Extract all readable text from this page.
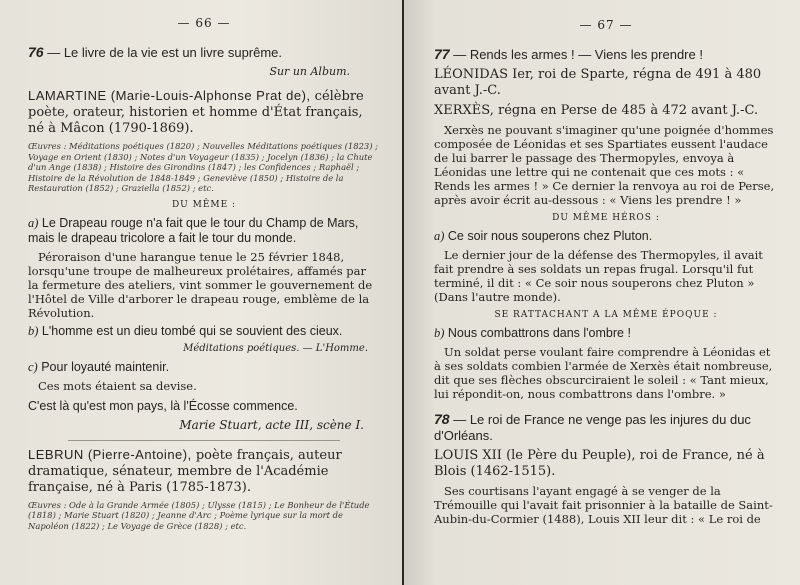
— 66 —
76 — Le livre de la vie est un livre suprême.
Sur un Album.
LAMARTINE (Marie-Louis-Alphonse Prat de), célèbre poète, orateur, historien et homme d'État français, né à Mâcon (1790-1869).
Œuvres : Méditations poétiques (1820) ; Nouvelles Méditations poétiques (1823) ; Voyage en Orient (1830) ; Notes d'un Voyageur (1835) ; Jocelyn (1836) ; la Chute d'un Ange (1838) ; Histoire des Girondins (1847) ; les Confidences ; Raphaël ; Histoire de la Révolution de 1848-1849 ; Geneviève (1850) ; Histoire de la Restauration (1852) ; Graziella (1852) ; etc.
DU MÊME :
a) Le Drapeau rouge n'a fait que le tour du Champ de Mars, mais le drapeau tricolore a fait le tour du monde.
Péroraison d'une harangue tenue le 25 février 1848, lorsqu'une troupe de malheureux prolétaires, affamés par la fermeture des ateliers, vint sommer le gouvernement de l'Hôtel de Ville d'arborer le drapeau rouge, emblème de la Révolution.
b) L'homme est un dieu tombé qui se souvient des cieux.
Méditations poétiques. — L'Homme.
c) Pour loyauté maintenir.
Ces mots étaient sa devise.
C'est là qu'est mon pays, là l'Écosse commence.
Marie Stuart, acte III, scène I.
LEBRUN (Pierre-Antoine), poète français, auteur dramatique, sénateur, membre de l'Académie française, né à Paris (1785-1873).
Œuvres : Ode à la Grande Armée (1805) ; Ulysse (1815) ; Le Bonheur de l'Étude (1818) ; Marie Stuart (1820) ; Jeanne d'Arc ; Poème lyrique sur la mort de Napoléon (1822) ; Le Voyage de Grèce (1828) ; etc.
— 67 —
77 — Rends les armes ! — Viens les prendre !
LÉONIDAS Ier, roi de Sparte, régna de 491 à 480 avant J.-C.
XERXÈS, régna en Perse de 485 à 472 avant J.-C.
Xerxès ne pouvant s'imaginer qu'une poignée d'hommes composée de Léonidas et ses Spartiates eussent l'audace de lui barrer le passage des Thermopyles, envoya à Léonidas une lettre qui ne contenait que ces mots : « Rends les armes ! » Ce dernier la renvoya au roi de Perse, après avoir écrit au-dessous : « Viens les prendre ! »
DU MÊME HÉROS :
a) Ce soir nous souperons chez Pluton.
Le dernier jour de la défense des Thermopyles, il avait fait prendre à ses soldats un repas frugal. Lorsqu'il fut terminé, il dit : « Ce soir nous souperons chez Pluton » (Dans l'autre monde).
SE RATTACHANT A LA MÊME ÉPOQUE :
b) Nous combattrons dans l'ombre !
Un soldat perse voulant faire comprendre à Léonidas et à ses soldats combien l'armée de Xerxès était nombreuse, dit que ses flèches obscurciraient le soleil : « Tant mieux, lui répondit-on, nous combattrons dans l'ombre. »
78 — Le roi de France ne venge pas les injures du duc d'Orléans.
LOUIS XII (le Père du Peuple), roi de France, né à Blois (1462-1515).
Ses courtisans l'ayant engagé à se venger de la Trémouille qui l'avait fait prisonnier à la bataille de Saint-Aubin-du-Cormier (1488), Louis XII leur dit : « Le roi de
